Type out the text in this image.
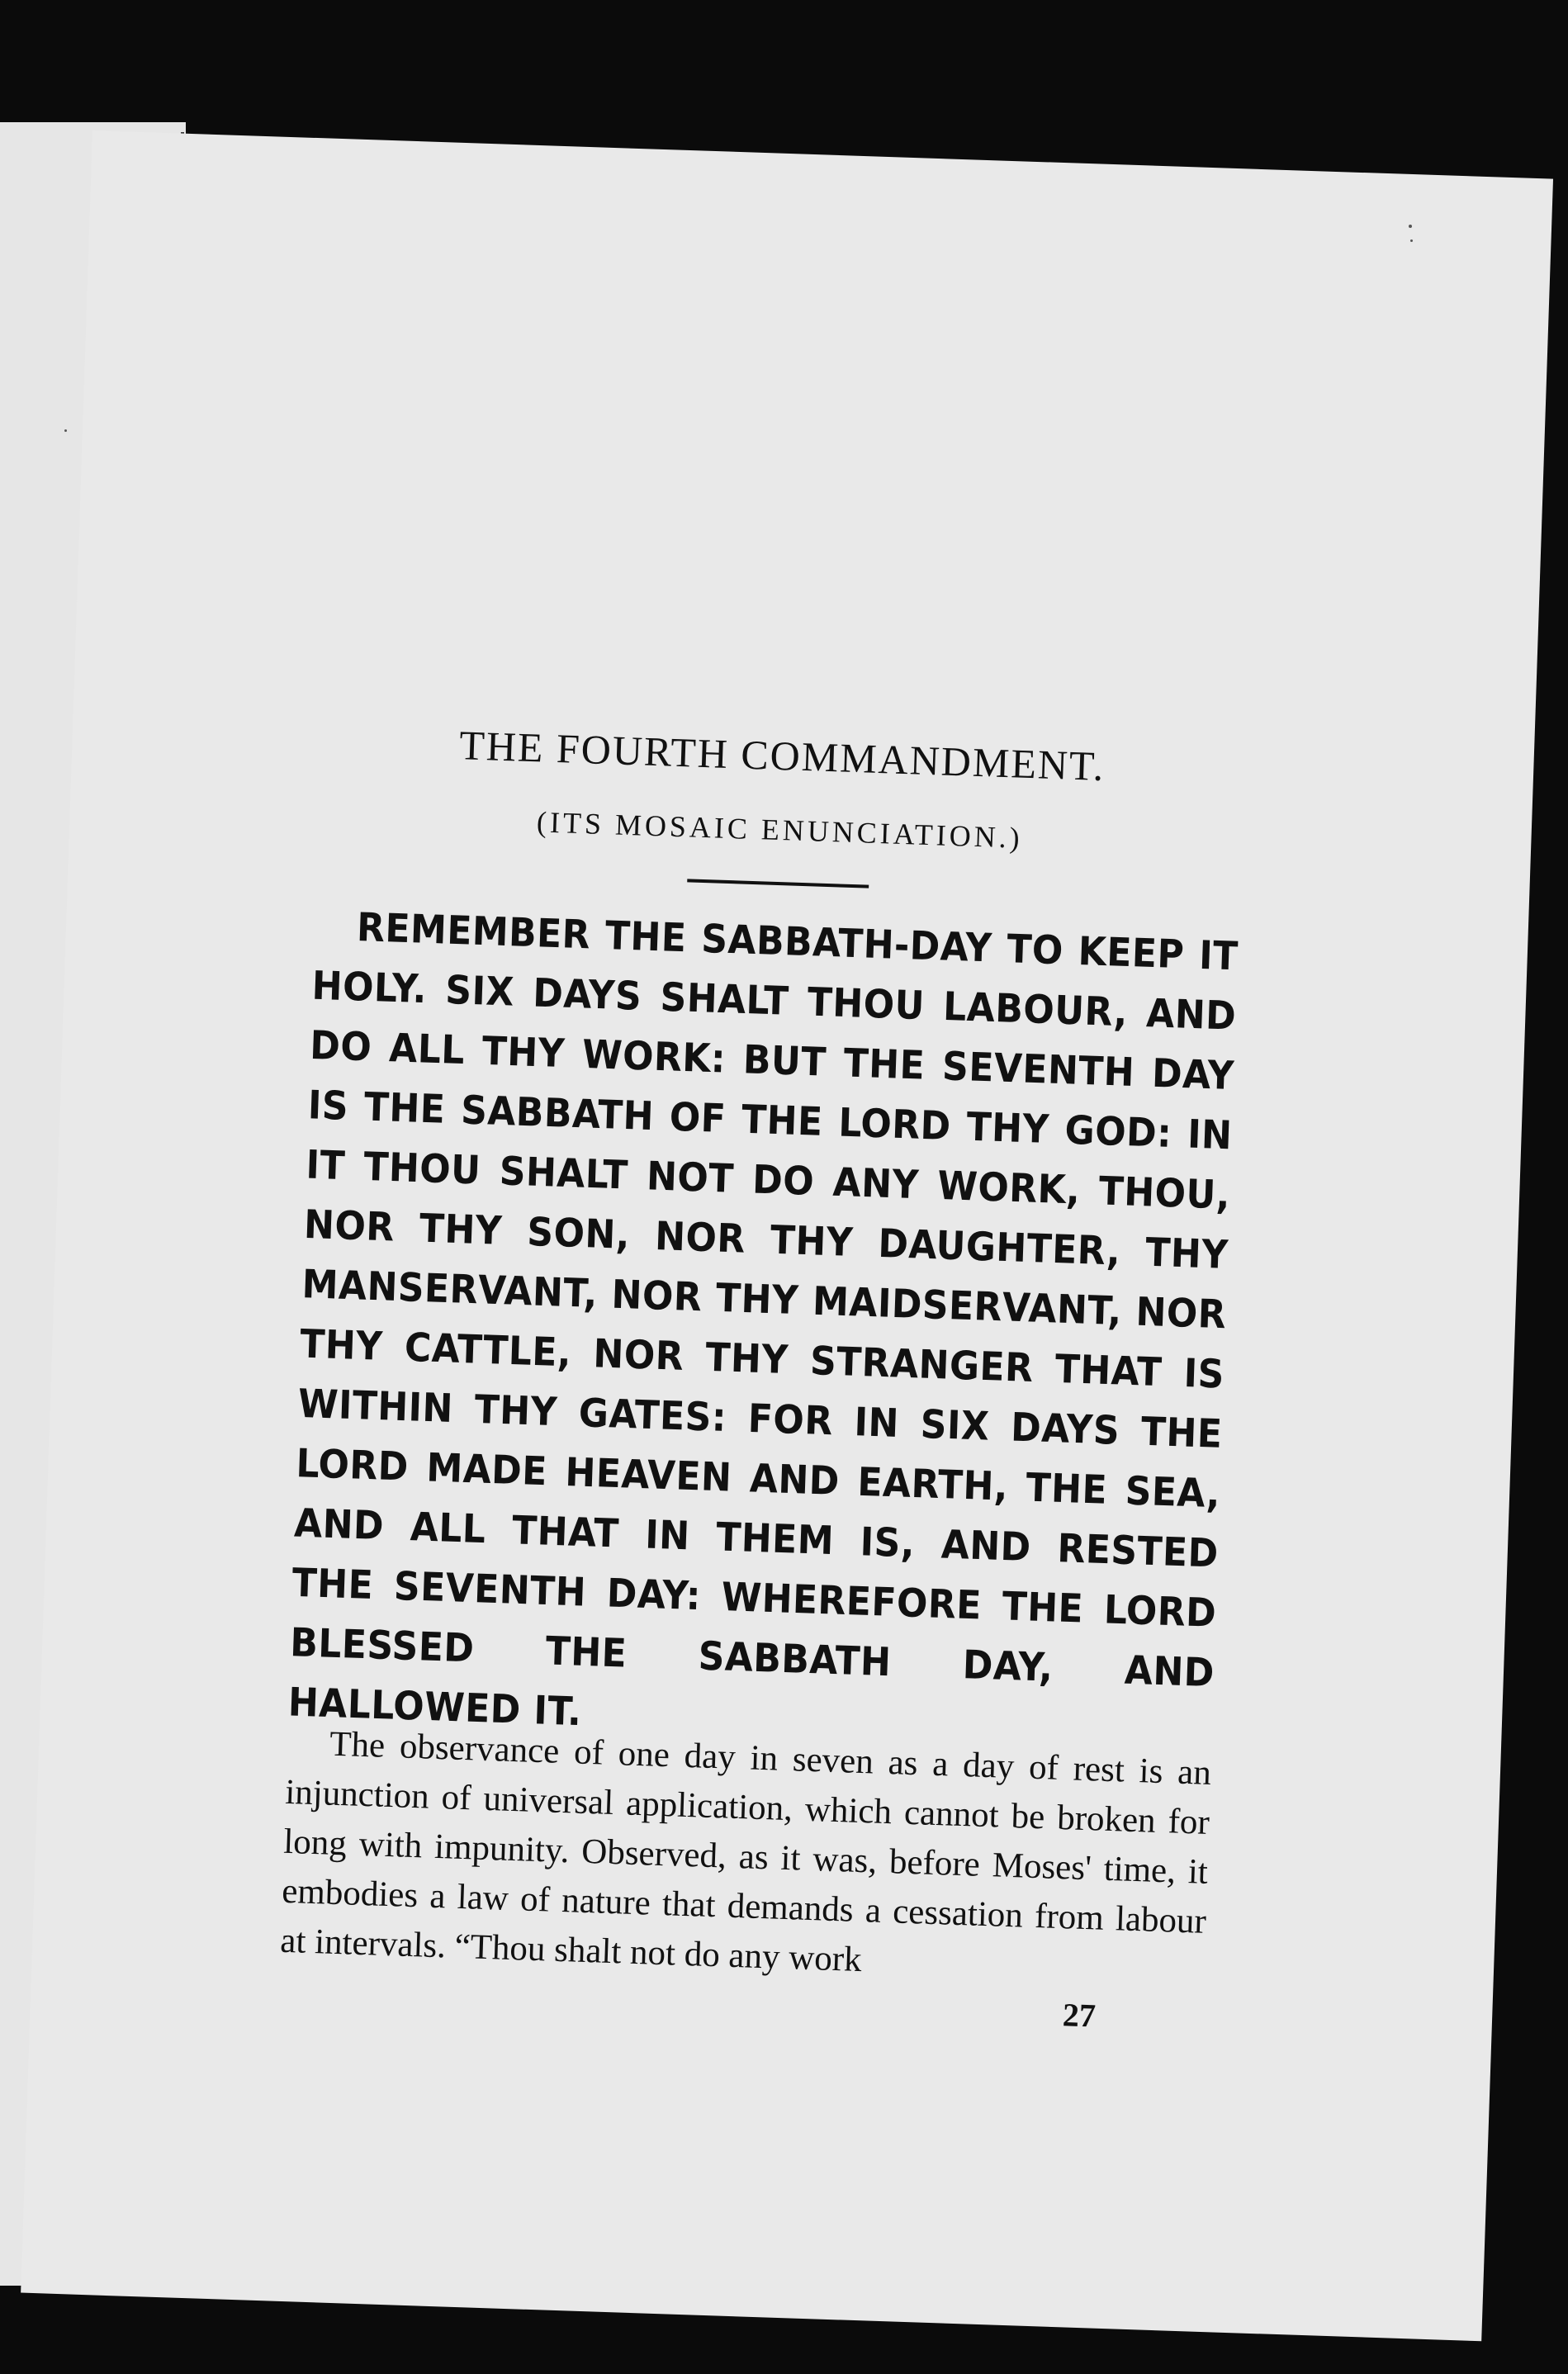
THE FOURTH COMMANDMENT.
(ITS MOSAIC ENUNCIATION.)

REMEMBER THE SABBATH-DAY TO KEEP IT HOLY. SIX DAYS SHALT THOU LABOUR, AND DO ALL THY WORK: BUT THE SEVENTH DAY IS THE SABBATH OF THE LORD THY GOD: IN IT THOU SHALT NOT DO ANY WORK, THOU, NOR THY SON, NOR THY DAUGHTER, THY MANSERVANT, NOR THY MAIDSERVANT, NOR THY CATTLE, NOR THY STRANGER THAT IS WITHIN THY GATES: FOR IN SIX DAYS THE LORD MADE HEAVEN AND EARTH, THE SEA, AND ALL THAT IN THEM IS, AND RESTED THE SEVENTH DAY: WHEREFORE THE LORD BLESSED THE SABBATH DAY, AND HALLOWED IT.

The observance of one day in seven as a day of rest is an injunction of universal application, which cannot be broken for long with impunity. Observed, as it was, before Moses' time, it embodies a law of nature that demands a cessation from labour at intervals. “Thou shalt not do any work

27
